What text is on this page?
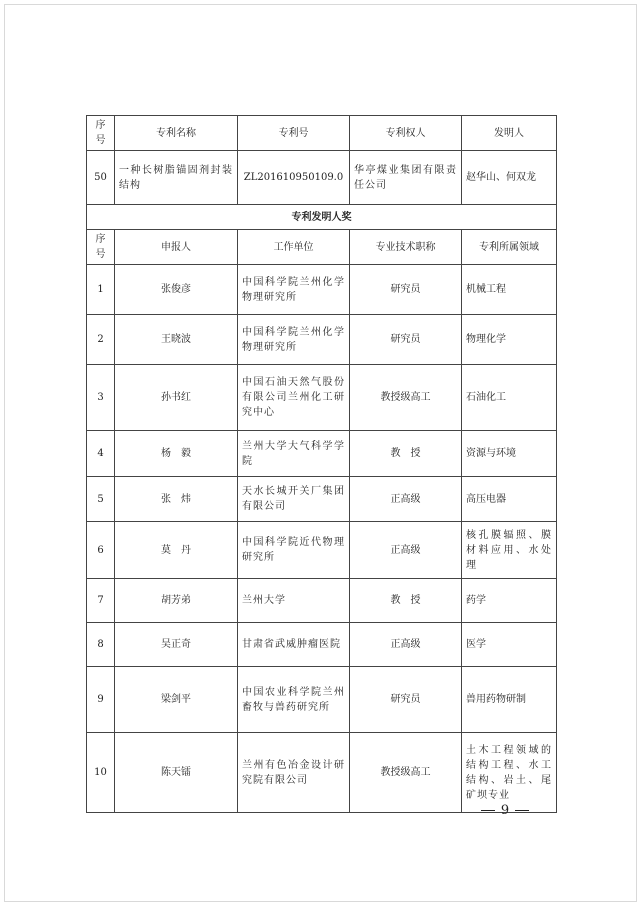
序号	专利名称	专利号	专利权人	发明人
50	一种长树脂锚固剂封装结构	ZL201610950109.0	华亭煤业集团有限责任公司	赵华山、何双龙
专利发明人奖				
序号	申报人	工作单位	专业技术职称	专利所属领域
1	张俊彦	中国科学院兰州化学物理研究所	研究员	机械工程
2	王晓波	中国科学院兰州化学物理研究所	研究员	物理化学
3	孙书红	中国石油天然气股份有限公司兰州化工研究中心	教授级高工	石油化工
4	杨　毅	兰州大学大气科学学院	教　授	资源与环境
5	张　炜	天水长城开关厂集团有限公司	正高级	高压电器
6	莫　丹	中国科学院近代物理研究所	正高级	核孔膜辐照、膜材料应用、水处理
7	胡芳弟	兰州大学	教　授	药学
8	吴正奇	甘肃省武威肿瘤医院	正高级	医学
9	梁剑平	中国农业科学院兰州畜牧与兽药研究所	研究员	兽用药物研制
10	陈天镭	兰州有色冶金设计研究院有限公司	教授级高工	土木工程领域的结构工程、水工结构、岩土、尾矿坝专业
9
